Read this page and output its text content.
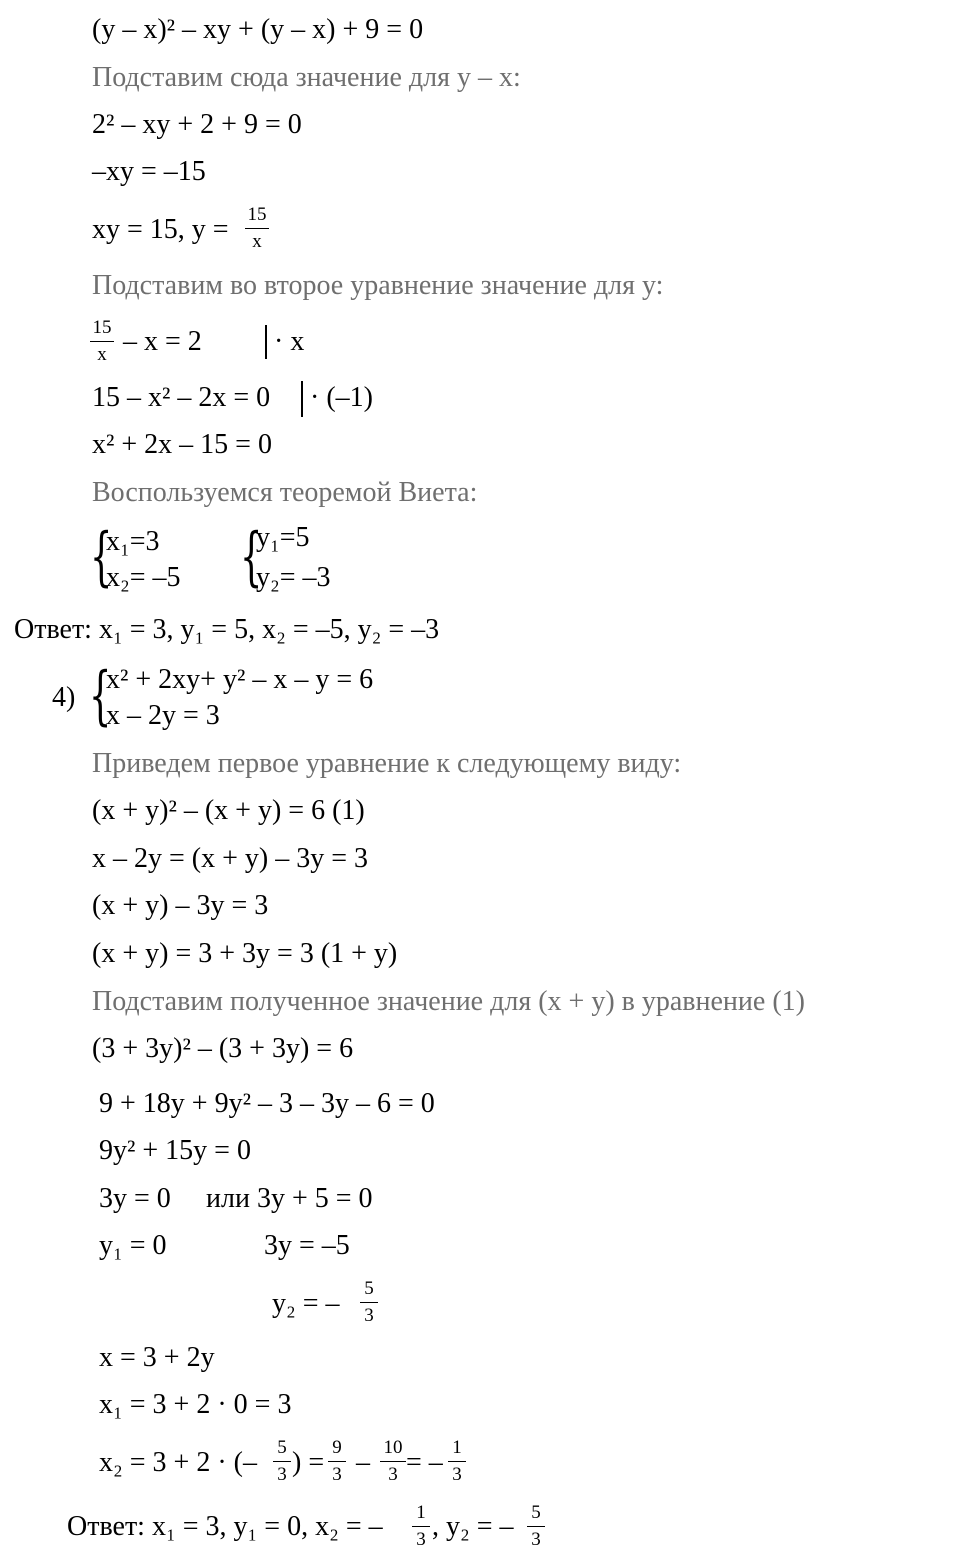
(y – x)² – xy + (y – x) + 9 = 0
Подставим сюда значение для y – x:
2² – xy + 2 + 9 = 0
–xy = –15
xy = 15, y = 15
x
Подставим во второе уравнение значение для у:
15
x – x = 2	· x
15 – x² – 2x = 0 · (–1)
x² + 2x – 15 = 0
Воспользуемся теоремой Виета:
{
x₁=3
x₂= –5 {
y₁=5
y₂= –3
Ответ: x₁ = 3, y₁ = 5, x₂ = –5, y₂ = –3
4) {
x² + 2xy+ y² – x – y = 6
x – 2y = 3
Приведем первое уравнение к следующему виду:
(x + y)² – (x + y) = 6 (1)
x – 2y = (x + y) – 3y = 3
(x + y) – 3y = 3
(x + y) = 3 + 3y = 3 (1 + y)
Подставим полученное значение для (x + y) в уравнение (1)
(3 + 3y)² – (3 + 3y) = 6
9 + 18y + 9y² – 3 – 3y – 6 = 0
9y² + 15y = 0
3y = 0 или 3y + 5 = 0
y₁ = 0	3y = –5
y₂ = – 5
3
x = 3 + 2y
x₁ = 3 + 2 · 0 = 3
x₂ = 3 + 2 · (– 5
3 ) = 9
3 – 10
3 = – 1
3
Ответ: x₁ = 3, y₁ = 0, x₂ = – 1
3 , y₂ = – 5
3
